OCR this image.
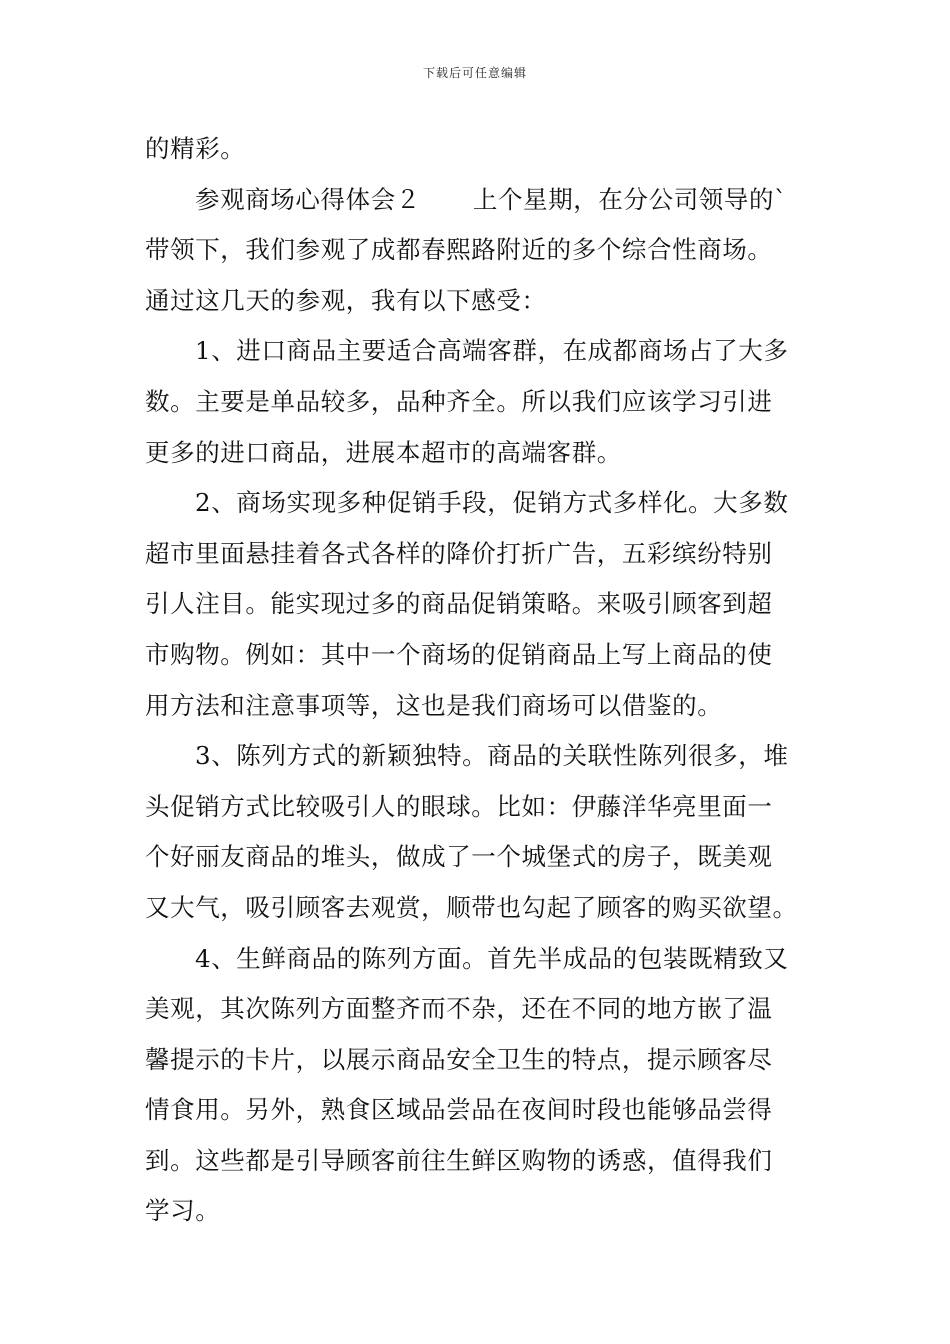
下载后可任意编辑
的精彩。
参观商场心得体会２ 上个星期，在分公司领导的`
带领下，我们参观了成都春熙路附近的多个综合性商场。
通过这几天的参观，我有以下感受：
1、进口商品主要适合高端客群，在成都商场占了大多
数。主要是单品较多，品种齐全。所以我们应该学习引进
更多的进口商品，进展本超市的高端客群。
2、商场实现多种促销手段，促销方式多样化。大多数
超市里面悬挂着各式各样的降价打折广告，五彩缤纷特别
引人注目。能实现过多的商品促销策略。来吸引顾客到超
市购物。例如：其中一个商场的促销商品上写上商品的使
用方法和注意事项等，这也是我们商场可以借鉴的。
3、陈列方式的新颖独特。商品的关联性陈列很多，堆
头促销方式比较吸引人的眼球。比如：伊藤洋华亮里面一
个好丽友商品的堆头，做成了一个城堡式的房子，既美观
又大气，吸引顾客去观赏，顺带也勾起了顾客的购买欲望。
4、生鲜商品的陈列方面。首先半成品的包装既精致又
美观，其次陈列方面整齐而不杂，还在不同的地方嵌了温
馨提示的卡片，以展示商品安全卫生的特点，提示顾客尽
情食用。另外，熟食区域品尝品在夜间时段也能够品尝得
到。这些都是引导顾客前往生鲜区购物的诱惑，值得我们
学习。
